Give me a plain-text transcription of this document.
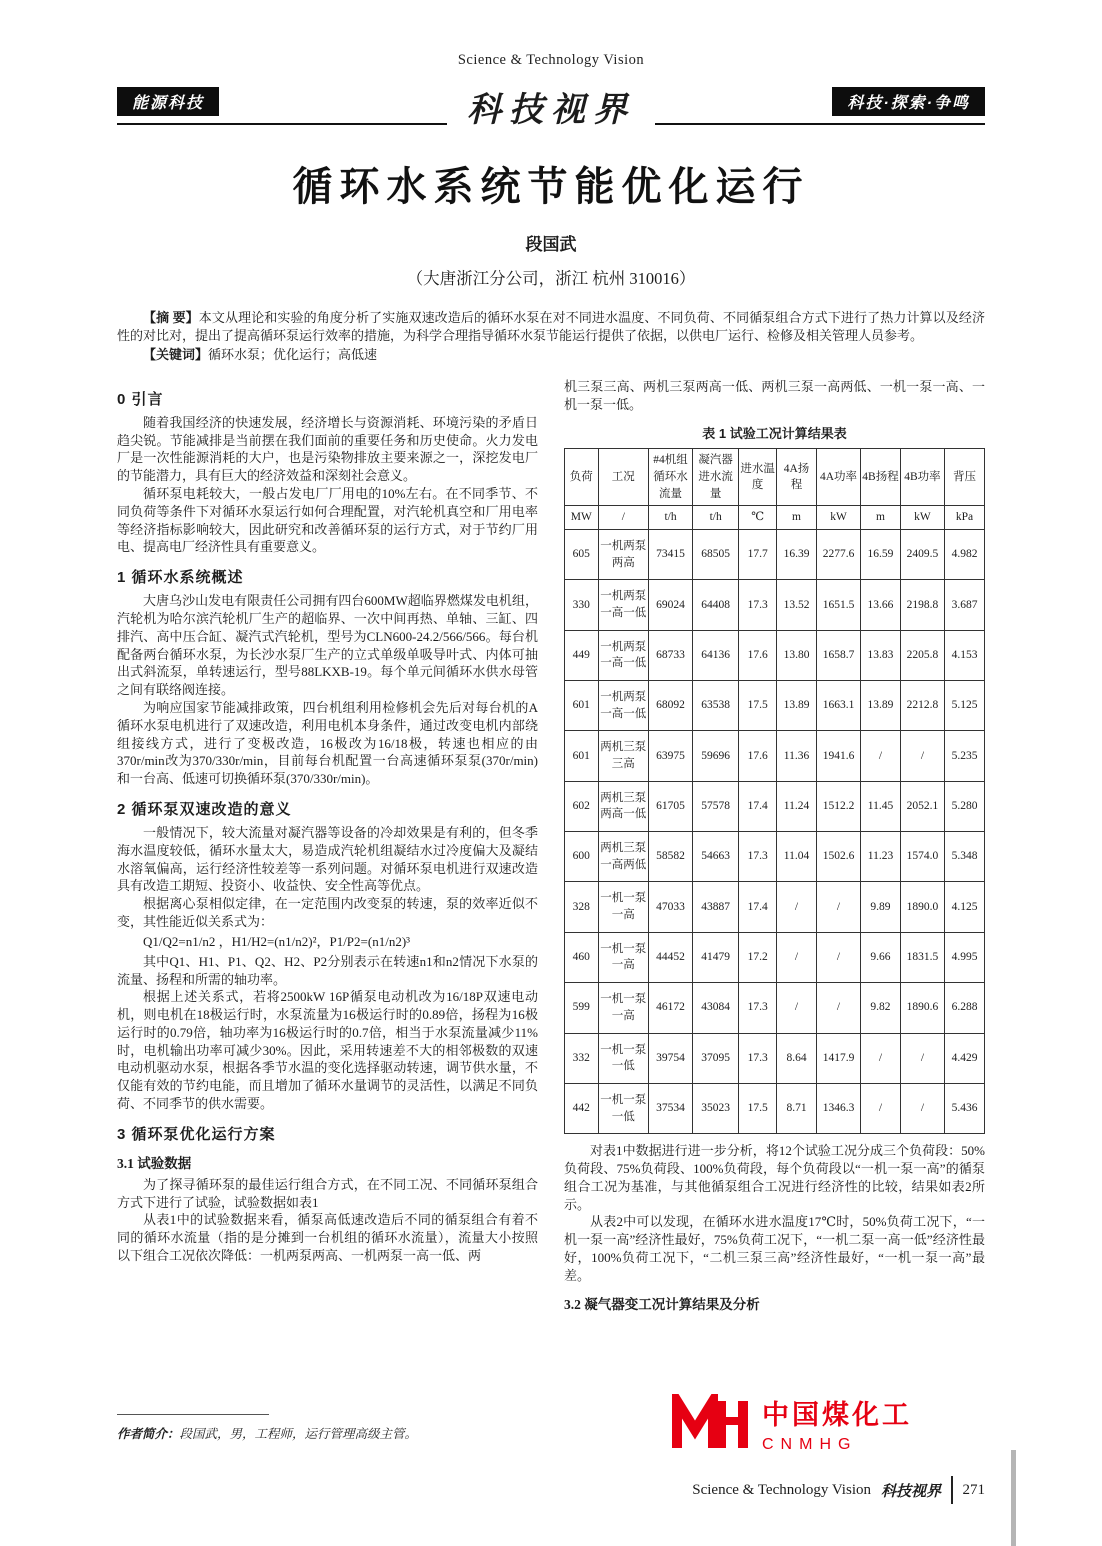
Science & Technology Vision
能源科技	科技视界	科技·探索·争鸣
循环水系统节能优化运行
段国武
（大唐浙江分公司，浙江 杭州 310016）

【摘 要】本文从理论和实验的角度分析了实施双速改造后的循环水泵在对不同进水温度、不同负荷、不同循泵组合方式下进行了热力计算以及经济性的对比对，提出了提高循环泵运行效率的措施，为科学合理指导循环水泵节能运行提供了依据，以供电厂运行、检修及相关管理人员参考。

【关键词】循环水泵；优化运行；高低速

0 引言

随着我国经济的快速发展，经济增长与资源消耗、环境污染的矛盾日趋尖锐。节能减排是当前摆在我们面前的重要任务和历史使命。火力发电厂是一次性能源消耗的大户，也是污染物排放主要来源之一，深挖发电厂的节能潜力，具有巨大的经济效益和深刻社会意义。

循环泵电耗较大，一般占发电厂厂用电的10%左右。在不同季节、不同负荷等条件下对循环水泵运行如何合理配置，对汽轮机真空和厂用电率等经济指标影响较大，因此研究和改善循环泵的运行方式，对于节约厂用电、提高电厂经济性具有重要意义。

1 循环水系统概述

大唐乌沙山发电有限责任公司拥有四台600MW超临界燃煤发电机组，汽轮机为哈尔滨汽轮机厂生产的超临界、一次中间再热、单轴、三缸、四排汽、高中压合缸、凝汽式汽轮机，型号为CLN600-24.2/566/566。每台机配备两台循环水泵，为长沙水泵厂生产的立式单级单吸导叶式、内体可抽出式斜流泵，单转速运行，型号88LKXB-19。每个单元间循环水供水母管之间有联络阀连接。

为响应国家节能减排政策，四台机组利用检修机会先后对每台机的A循环水泵电机进行了双速改造，利用电机本身条件，通过改变电机内部绕组接线方式，进行了变极改造，16极改为16/18极，转速也相应的由370r/min改为370/330r/min，目前每台机配置一台高速循环泵泵(370r/min)和一台高、低速可切换循环泵(370/330r/min)。

2 循环泵双速改造的意义

一般情况下，较大流量对凝汽器等设备的冷却效果是有利的，但冬季海水温度较低，循环水量太大，易造成汽轮机组凝结水过冷度偏大及凝结水溶氧偏高，运行经济性较差等一系列问题。对循环泵电机进行双速改造具有改造工期短、投资小、收益快、安全性高等优点。

根据离心泵相似定律，在一定范围内改变泵的转速，泵的效率近似不变，其性能近似关系式为：

Q1/Q2=n1/n2 ，H1/H2=(n1/n2)²，P1/P2=(n1/n2)³

其中Q1、H1、P1、Q2、H2、P2分别表示在转速n1和n2情况下水泵的流量、扬程和所需的轴功率。

根据上述关系式，若将2500kW 16P循泵电动机改为16/18P双速电动机，则电机在18极运行时，水泵流量为16极运行时的0.89倍，扬程为16极运行时的0.79倍，轴功率为16极运行时的0.7倍，相当于水泵流量减少11%时，电机输出功率可减少30%。因此，采用转速差不大的相邻极数的双速电动机驱动水泵，根据各季节水温的变化选择驱动转速，调节供水量，不仅能有效的节约电能，而且增加了循环水量调节的灵活性，以满足不同负荷、不同季节的供水需要。

3 循环泵优化运行方案
3.1 试验数据

为了探寻循环泵的最佳运行组合方式，在不同工况、不同循环泵组合方式下进行了试验，试验数据如表1

从表1中的试验数据来看，循泵高低速改造后不同的循泵组合有着不同的循环水流量（指的是分摊到一台机组的循环水流量），流量大小按照以下组合工况依次降低：一机两泵两高、一机两泵一高一低、两

机三泵三高、两机三泵两高一低、两机三泵一高两低、一机一泵一高、一机一泵一低。

表 1 试验工况计算结果表
负荷	工况	#4机组循环水流量	凝汽器进水流量	进水温度	4A扬程	4A功率	4B扬程	4B功率	背压
MW	/	t/h	t/h	℃	m	kW	m	kW	kPa
605	一机两泵两高	73415	68505	17.7	16.39	2277.6	16.59	2409.5	4.982
330	一机两泵一高一低	69024	64408	17.3	13.52	1651.5	13.66	2198.8	3.687
449	一机两泵一高一低	68733	64136	17.6	13.80	1658.7	13.83	2205.8	4.153
601	一机两泵一高一低	68092	63538	17.5	13.89	1663.1	13.89	2212.8	5.125
601	两机三泵三高	63975	59696	17.6	11.36	1941.6	/	/	5.235
602	两机三泵两高一低	61705	57578	17.4	11.24	1512.2	11.45	2052.1	5.280
600	两机三泵一高两低	58582	54663	17.3	11.04	1502.6	11.23	1574.0	5.348
328	一机一泵一高	47033	43887	17.4	/	/	9.89	1890.0	4.125
460	一机一泵一高	44452	41479	17.2	/	/	9.66	1831.5	4.995
599	一机一泵一高	46172	43084	17.3	/	/	9.82	1890.6	6.288
332	一机一泵一低	39754	37095	17.3	8.64	1417.9	/	/	4.429
442	一机一泵一低	37534	35023	17.5	8.71	1346.3	/	/	5.436

对表1中数据进行进一步分析，将12个试验工况分成三个负荷段：50%负荷段、75%负荷段、100%负荷段，每个负荷段以“一机一泵一高”的循泵组合工况为基准，与其他循泵组合工况进行经济性的比较，结果如表2所示。

从表2中可以发现，在循环水进水温度17℃时，50%负荷工况下，“一机一泵一高”经济性最好，75%负荷工况下，“一机二泵一高一低”经济性最好，100%负荷工况下，“二机三泵三高”经济性最好，“一机一泵一高”最差。

3.2 凝气器变工况计算结果及分析
作者简介：段国武，男，工程师，运行管理高级主管。
中国煤化工
CNMHG
Science & Technology Vision 科技视界 271
